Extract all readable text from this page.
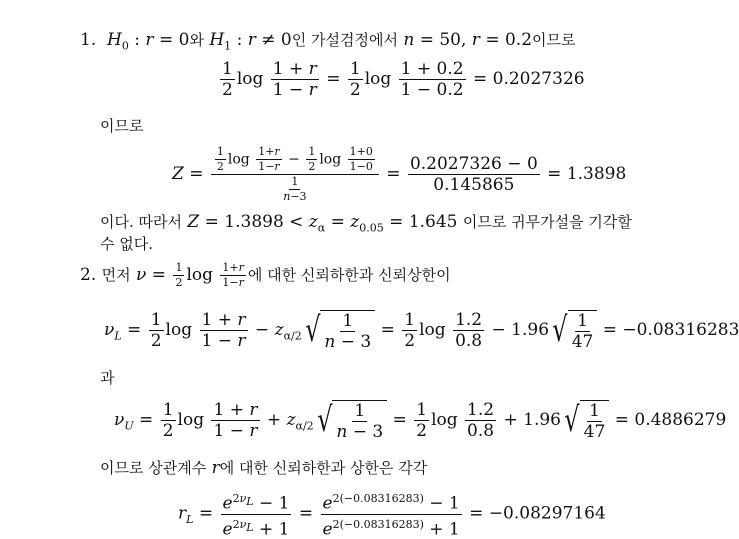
1.  $H_0$ : r = 0와 $H_1$ : r ≠ 0인 가설검정에서 n = 50, r = 0.2이므로
$\frac{1}{2}$ $\log \frac{1 + r}{1 - r} = \frac{1}{2}$ $\log \frac{1 + 0.2}{1 - 0.2} = 0.2027326$
이므로
$Z = \frac{\frac{1}{2} \log \frac{1+r}{1-r} - \frac{1}{2} \log \frac{1+0}{1-0}}{\frac{1}{n-3}} = \frac{0.2027326 - 0}{0.145865} = 1.3898$
이다. 따라서 $Z = 1.3898 < z_\alpha = z_{0.05} = 1.645$ 이므로 귀무가설을 기각할
수 없다.
2. 먼저 $\nu = \frac{1}{2}$ $\log \frac{1+r}{1-r}$ 에 대한 신뢰하한과 신뢰상한이
$\nu_L = \frac{1}{2}$ $\log \frac{1 + r}{1 - r} - z_{\alpha/2}$ √ $\frac{1}{n - 3} = \frac{1}{2}$ $\log \frac{1.2}{0.8} - 1.96$ √ $\frac{1}{47} = -0.08316283$
과
$\nu_U = \frac{1}{2}$ $\log \frac{1 + r}{1 - r} + z_{\alpha/2}$ √ $\frac{1}{n - 3} = \frac{1}{2}$ $\log \frac{1.2}{0.8} + 1.96$ √ $\frac{1}{47} = 0.4886279$
이므로 상관계수 r에 대한 신뢰하한과 상한은 각각
$r_L = \frac{e^{2\nu_L} - 1}{e^{2\nu_L} + 1} = \frac{e^{2(-0.08316283)} - 1}{e^{2(-0.08316283)} + 1} = -0.08297164$
